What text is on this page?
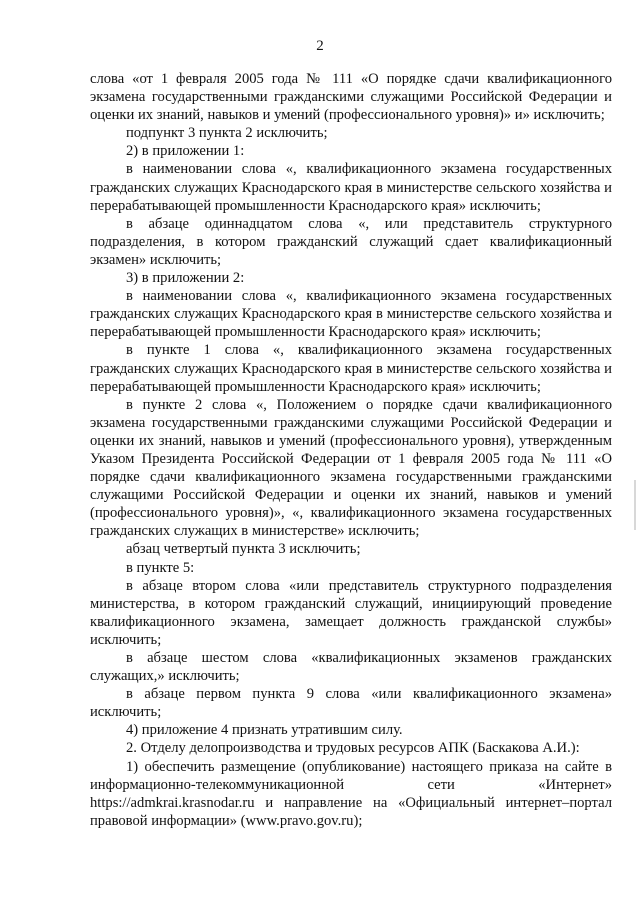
2

слова «от 1 февраля 2005 года № 111 «О порядке сдачи квалификационного экзамена государственными гражданскими служащими Российской Федерации и оценки их знаний, навыков и умений (профессионального уровня)» и» исключить;

подпункт 3 пункта 2 исключить;

2) в приложении 1:

в наименовании слова «, квалификационного экзамена государственных гражданских служащих Краснодарского края в министерстве сельского хозяйства и перерабатывающей промышленности Краснодарского края» исключить;

в абзаце одиннадцатом слова «, или представитель структурного подразделения, в котором гражданский служащий сдает квалификационный экзамен» исключить;

3) в приложении 2:

в наименовании слова «, квалификационного экзамена государственных гражданских служащих Краснодарского края в министерстве сельского хозяйства и перерабатывающей промышленности Краснодарского края» исключить;

в пункте 1 слова «, квалификационного экзамена государственных гражданских служащих Краснодарского края в министерстве сельского хозяйства и перерабатывающей промышленности Краснодарского края» исключить;

в пункте 2 слова «, Положением о порядке сдачи квалификационного экзамена государственными гражданскими служащими Российской Федерации и оценки их знаний, навыков и умений (профессионального уровня), утвержденным Указом Президента Российской Федерации от 1 февраля 2005 года № 111 «О порядке сдачи квалификационного экзамена государственными гражданскими служащими Российской Федерации и оценки их знаний, навыков и умений (профессионального уровня)», «, квалификационного экзамена государственных гражданских служащих в министерстве» исключить;

абзац четвертый пункта 3 исключить;

в пункте 5:

в абзаце втором слова «или представитель структурного подразделения министерства, в котором гражданский служащий, инициирующий проведение квалификационного экзамена, замещает должность гражданской службы» исключить;

в абзаце шестом слова «квалификационных экзаменов гражданских служащих,» исключить;

в абзаце первом пункта 9 слова «или квалификационного экзамена» исключить;

4) приложение 4 признать утратившим силу.

2. Отделу делопроизводства и трудовых ресурсов АПК (Баскакова А.И.):

1) обеспечить размещение (опубликование) настоящего приказа на сайте в информационно-телекоммуникационной сети «Интернет» https://admkrai.krasnodar.ru и направление на «Официальный интернет–портал правовой информации» (www.pravo.gov.ru);
